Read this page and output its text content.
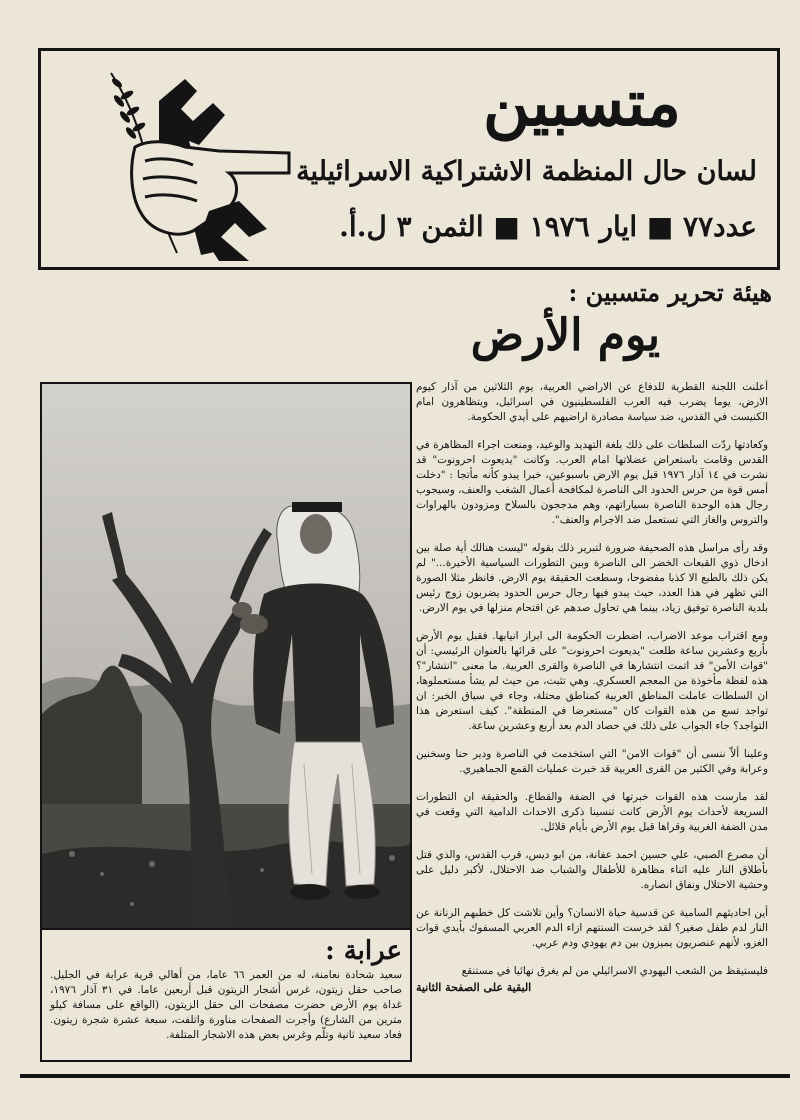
متسبين
لسان حال المنظمة الاشتراكية الاسرائيلية
عدد٧٧ ■ ايار ١٩٧٦ ■ الثمن ٣ ل.أ.
هيئة تحرير متسبين :
يوم الأرض
عرابة :
سعيد شحادة نعامنة، له من العمر ٦٦ عاما، من أهالي قرية عرابة في الجليل. صاحب حقل زيتون، غرس أشجار الزيتون قبل أربعين عاما. في ٣١ آذار ١٩٧٦، غداة يوم الأرض حضرت مصفحات الى حقل الزيتون، (الواقع على مسافة كيلو مترين من الشارع) وأجرت الصفحات مناورة واتلفت، سبعة عشرة شجرة زيتون. فعاد سعيد ثانية وتلّم وغرس بعض هذه الاشجار المتلفة.

أعلنت اللجنة القطرية للدفاع عن الاراضي العربية، يوم الثلاثين من آذار كيوم الارض، يوما يضرب فيه العرب الفلسطينيون في اسرائيل، ويتظاهرون امام الكنيست في القدس، ضد سياسة مصادرة اراضيهم على أيدي الحكومة.

وكعادتها ردّت السلطات على ذلك بلغة التهديد والوعيد، ومنعت اجراء المظاهرة في القدس وقامت باستعراض عضلاتها امام العرب. وكانت "يديعوت احرونوت" قد نشرت في ١٤ آذار ١٩٧٦ قبل يوم الارض باسبوعين، خبرا يبدو كأنه مأتجا : "دخلت أمس قوة من حرس الحدود الى الناصرة لمكافحة أعمال الشغب والعنف، وسيجوب رجال هذه الوحدة الناصرة بسياراتهم، وهم مدججون بالسلاح ومزودون بالهراوات والتروس والغاز التي تستعمل ضد الاجرام والعنف".

وقد رأى مراسل هذه الصحيفة ضرورة لتبرير ذلك بقوله "ليست هنالك أية صلة بين ادخال ذوي القبعات الخضر الى الناصرة وبين التطورات السياسية الأخيرة..." لم يكن ذلك بالطبع الا كذبا مفضوحا، وسطعت الحقيقة يوم الارض. فانظر مثلا الصورة التي تظهر في هذا العدد، حيث يبدو فيها رجال حرس الحدود يضربون زوج رئيس بلدية الناصرة توفيق زياد، بينما هي تحاول صدهم عن اقتحام منزلها في يوم الارض.

ومع اقتراب موعد الاضراب، اضطرت الحكومة الى ابراز انيابها. فقبل يوم الأرض بأربع وعشرين ساعة طلعت "يديعوت احرونوت" على قرائها بالعنوان الرئيسي: أن "قوات الأمن" قد اتمت انتشارها في الناصرة والقرى العربية. ما معنى "انتشار"؟ هذه لفظة مأخوذة من المعجم العسكري. وهي تثبت، من حيث لم يشأ مستعملوها، ان السلطات عاملت المناطق العربية كمناطق محتلة، وجاء في سياق الخبر: ان تواجد تسع من هذه القوات كان "مستعرضا في المنطقة". كيف استعرض هذا التواجد؟ جاء الجواب على ذلك في حصاد الدم بعد أربع وعشرين ساعة.

وعلينا ألاّ ننسى أن "قوات الامن" التي استخدمت في الناصرة ودير حنا وسخنين وعرابة وفي الكثير من القرى العربية قد خبرت عمليات القمع الجماهيري.

لقد مارست هذه القوات خبرتها في الضفة والقطاع. والحقيقة ان التطورات السريعة لأحداث يوم الأرض كانت تنسينا ذكرى الاحداث الدامية التي وقعت في مدن الضفة الغربية وقراها قبل يوم الأرض بأيام قلائل.

أن مصرع الصبي، علي حسين احمد عفانة، من ابو ديس، قرب القدس، والذي قتل بأطلاق النار عليه اثناء مظاهرة للأطفال والشباب ضد الاحتلال، لأكبر دليل على وحشية الاحتلال ونفاق انصاره.

أين احاديثهم السامية عن قدسية حياة الانسان؟ وأين تلاشت كل خطبهم الرنانة عن النار لدم طفل صغير؟ لقد خرست السنتهم ازاء الدم العربي المسفوك بأيدي قوات الغزو، لأنهم عنصريون يميزون بين دم يهودي ودم عربي.

فليستيقظ من الشعب اليهودي الاسرائيلي من لم يغرق نهائيا في مستنقع

البقية على الصفحة الثانية
